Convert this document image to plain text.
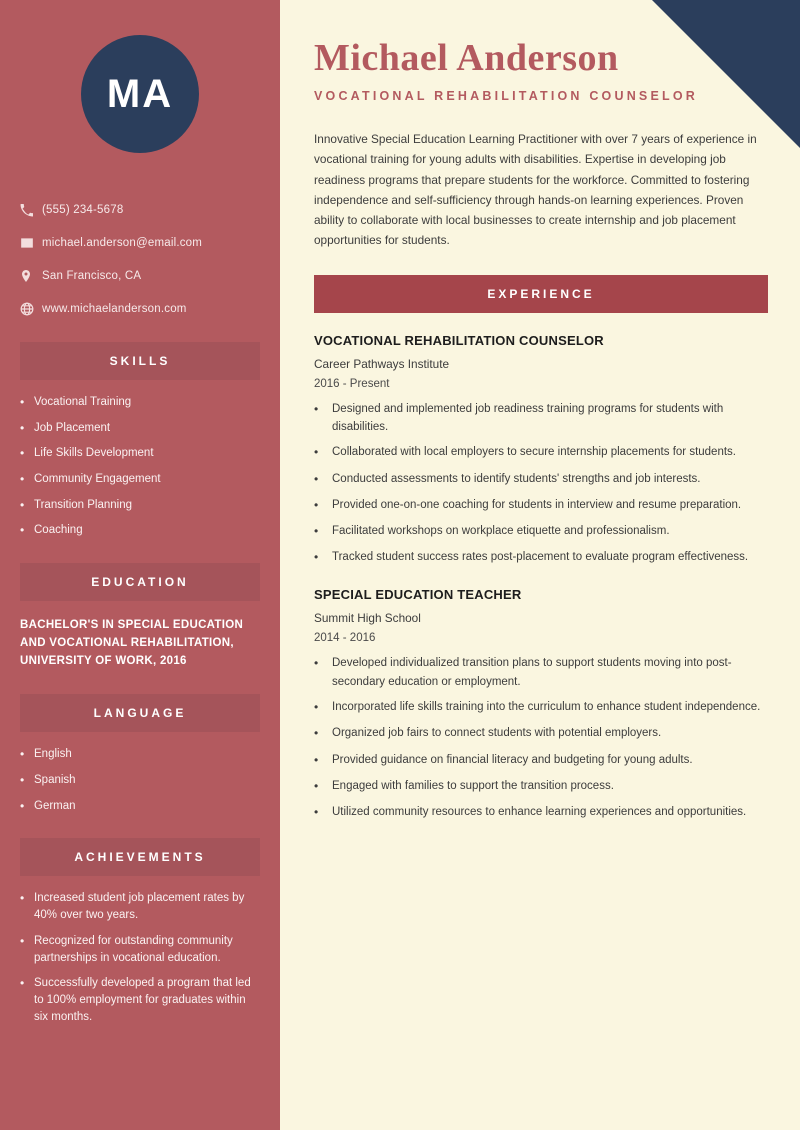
MA
(555) 234-5678
michael.anderson@email.com
San Francisco, CA
www.michaelanderson.com
SKILLS
• Vocational Training
• Job Placement
• Life Skills Development
• Community Engagement
• Transition Planning
• Coaching
EDUCATION
BACHELOR'S IN SPECIAL EDUCATION AND VOCATIONAL REHABILITATION, UNIVERSITY OF WORK, 2016
LANGUAGE
• English
• Spanish
• German
ACHIEVEMENTS
• Increased student job placement rates by 40% over two years.
• Recognized for outstanding community partnerships in vocational education.
• Successfully developed a program that led to 100% employment for graduates within six months.
Michael Anderson
VOCATIONAL REHABILITATION COUNSELOR
Innovative Special Education Learning Practitioner with over 7 years of experience in vocational training for young adults with disabilities. Expertise in developing job readiness programs that prepare students for the workforce. Committed to fostering independence and self-sufficiency through hands-on learning experiences. Proven ability to collaborate with local businesses to create internship and job placement opportunities for students.
EXPERIENCE
VOCATIONAL REHABILITATION COUNSELOR
Career Pathways Institute
2016 - Present
•	Designed and implemented job readiness training programs for students with disabilities.
•	Collaborated with local employers to secure internship placements for students.
•	Conducted assessments to identify students' strengths and job interests.
•	Provided one-on-one coaching for students in interview and resume preparation.
•	Facilitated workshops on workplace etiquette and professionalism.
•	Tracked student success rates post-placement to evaluate program effectiveness.
SPECIAL EDUCATION TEACHER
Summit High School
2014 - 2016
•	Developed individualized transition plans to support students moving into post-secondary education or employment.
•	Incorporated life skills training into the curriculum to enhance student independence.
•	Organized job fairs to connect students with potential employers.
•	Provided guidance on financial literacy and budgeting for young adults.
•	Engaged with families to support the transition process.
•	Utilized community resources to enhance learning experiences and opportunities.
